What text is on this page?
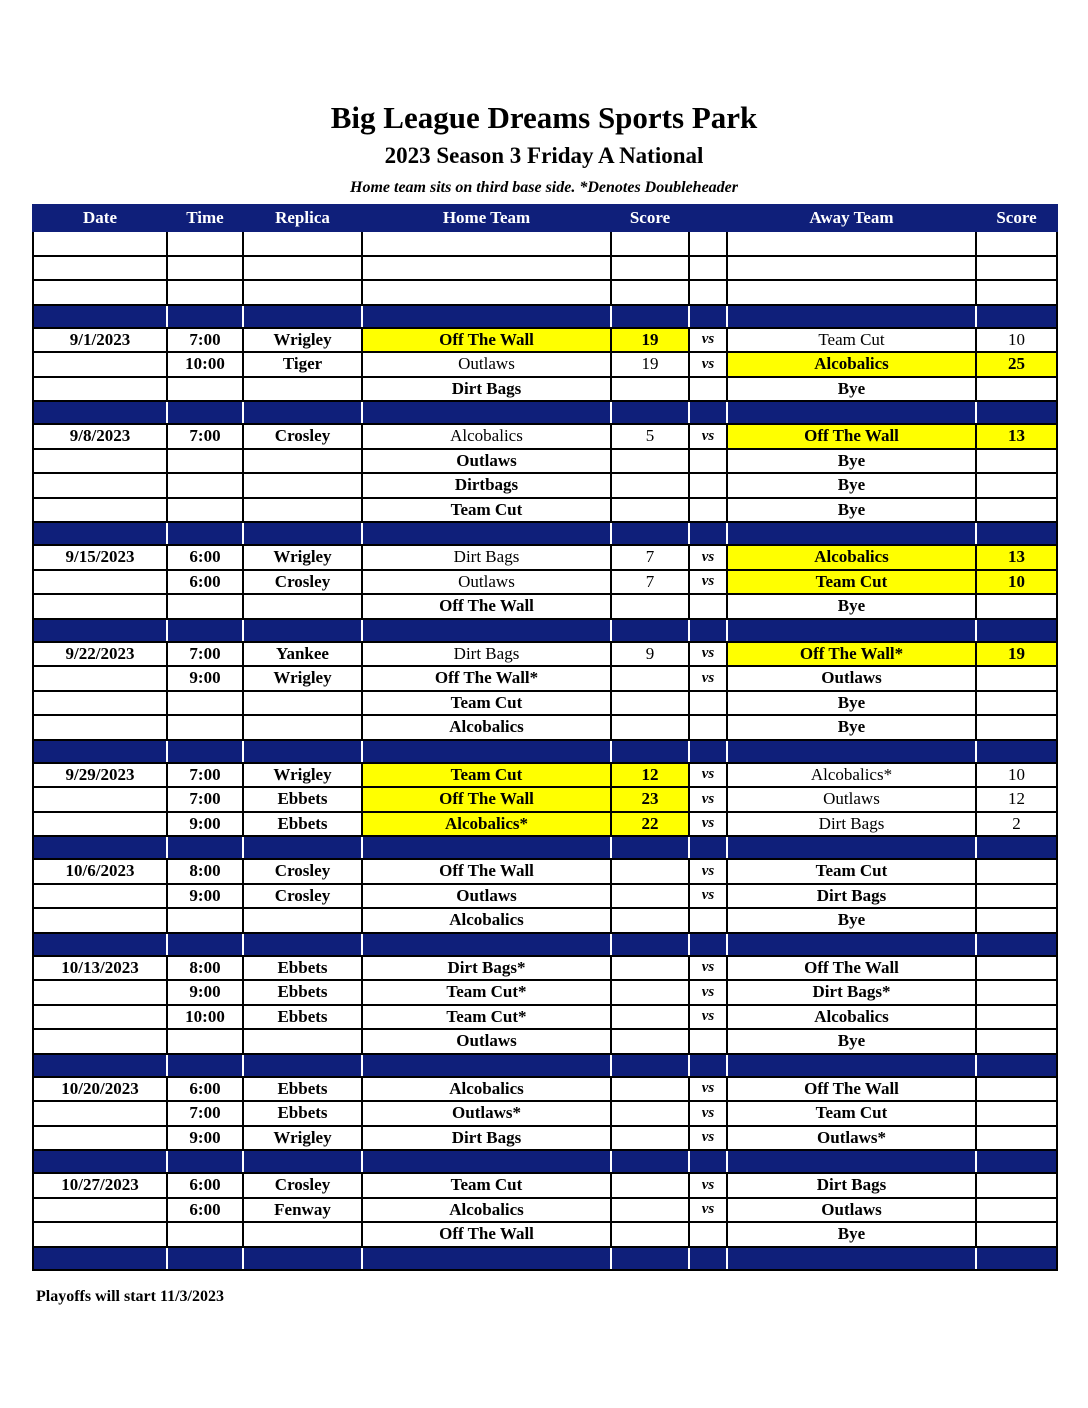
Big League Dreams Sports Park
2023 Season 3 Friday A National
Home team sits on third base side. *Denotes Doubleheader
Date	Time	Replica	Home Team	Score		Away Team	Score

9/1/2023	7:00	Wrigley	Off The Wall	19	vs	Team Cut	10
	10:00	Tiger	Outlaws	19	vs	Alcobalics	25
			Dirt Bags			Bye	

9/8/2023	7:00	Crosley	Alcobalics	5	vs	Off The Wall	13
			Outlaws			Bye	
			Dirtbags			Bye	
			Team Cut			Bye	

9/15/2023	6:00	Wrigley	Dirt Bags	7	vs	Alcobalics	13
	6:00	Crosley	Outlaws	7	vs	Team Cut	10
			Off The Wall			Bye	

9/22/2023	7:00	Yankee	Dirt Bags	9	vs	Off The Wall*	19
	9:00	Wrigley	Off The Wall*		vs	Outlaws	
			Team Cut			Bye	
			Alcobalics			Bye	

9/29/2023	7:00	Wrigley	Team Cut	12	vs	Alcobalics*	10
	7:00	Ebbets	Off The Wall	23	vs	Outlaws	12
	9:00	Ebbets	Alcobalics*	22	vs	Dirt Bags	2

10/6/2023	8:00	Crosley	Off The Wall		vs	Team Cut	
	9:00	Crosley	Outlaws		vs	Dirt Bags	
			Alcobalics			Bye	

10/13/2023	8:00	Ebbets	Dirt Bags*		vs	Off The Wall	
	9:00	Ebbets	Team Cut*		vs	Dirt Bags*	
	10:00	Ebbets	Team Cut*		vs	Alcobalics	
			Outlaws			Bye	

10/20/2023	6:00	Ebbets	Alcobalics		vs	Off The Wall	
	7:00	Ebbets	Outlaws*		vs	Team Cut	
	9:00	Wrigley	Dirt Bags		vs	Outlaws*	

10/27/2023	6:00	Crosley	Team Cut		vs	Dirt Bags	
	6:00	Fenway	Alcobalics		vs	Outlaws	
			Off The Wall			Bye	

Playoffs will start 11/3/2023
